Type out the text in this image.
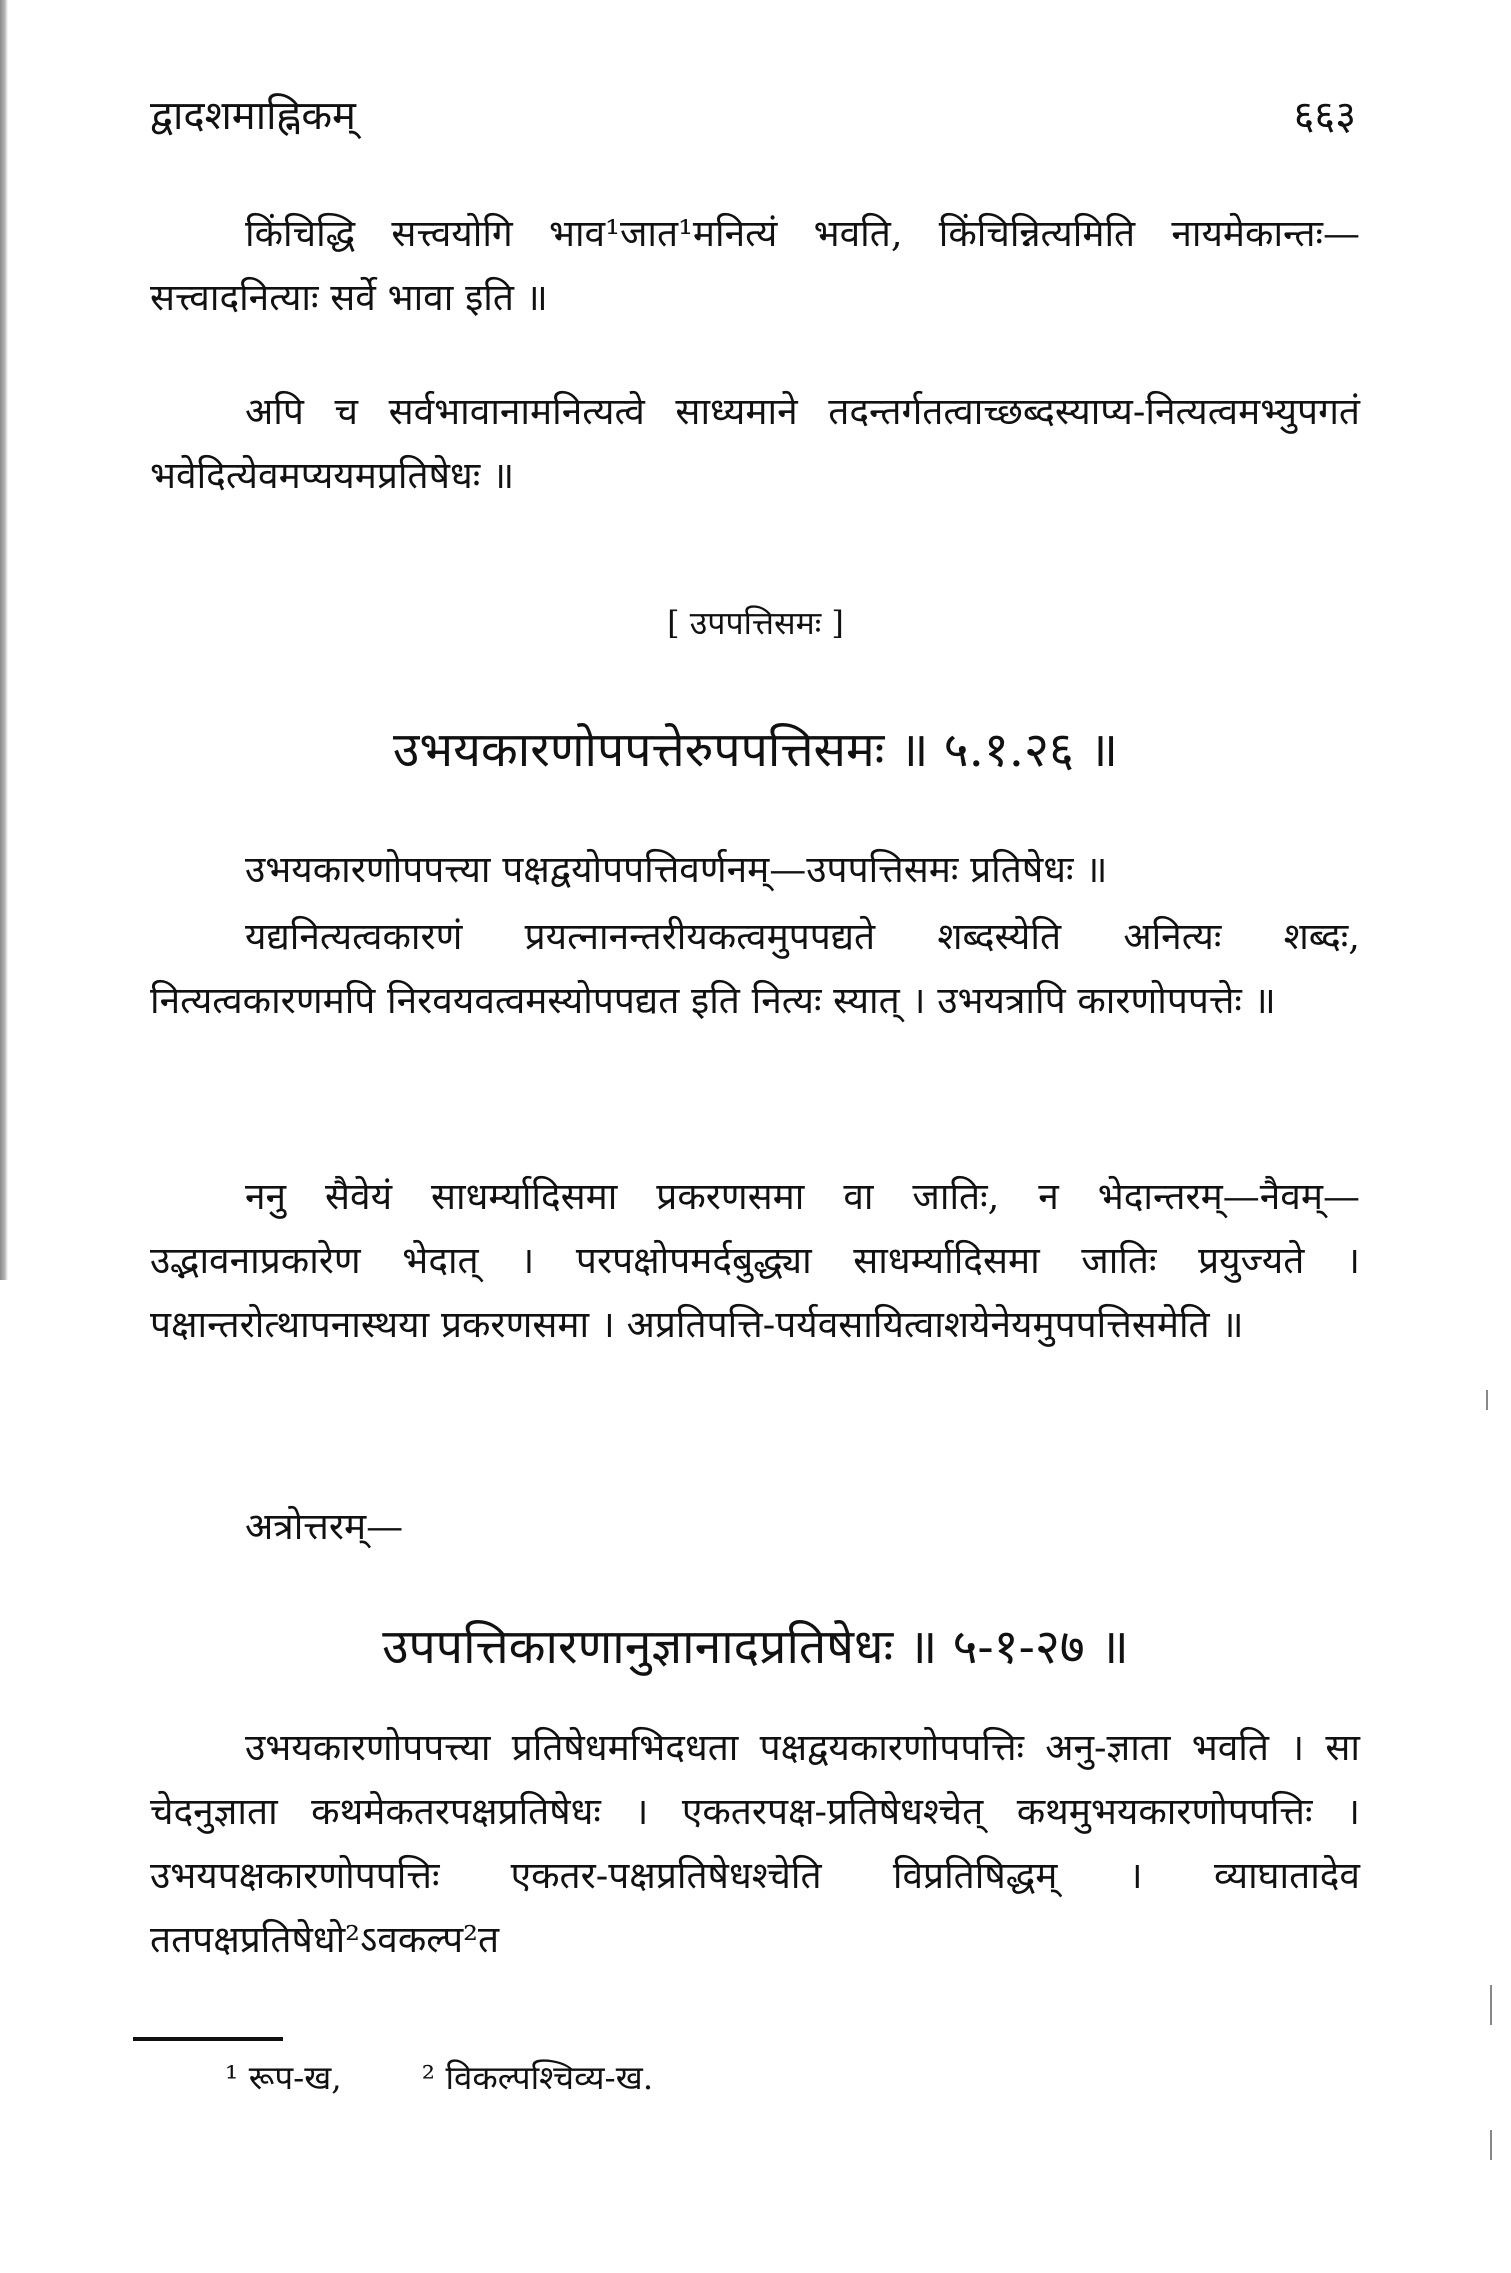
द्वादशमाह्निकम्	६६३
किंचिद्धि सत्त्वयोगि भाव¹जात¹मनित्यं भवति, किंचिन्नित्यमिति नायमेकान्तः—सत्त्वादनित्याः सर्वे भावा इति ॥
अपि च सर्वभावानामनित्यत्वे साध्यमाने तदन्तर्गतत्वाच्छब्दस्याप्य-नित्यत्वमभ्युपगतं भवेदित्येवमप्ययमप्रतिषेधः ॥
[ उपपत्तिसमः ]
उभयकारणोपपत्तेरुपपत्तिसमः ॥ ५.१.२६ ॥
उभयकारणोपपत्त्या पक्षद्वयोपपत्तिवर्णनम्—उपपत्तिसमः प्रतिषेधः ॥
यद्यनित्यत्वकारणं प्रयत्नानन्तरीयकत्वमुपपद्यते शब्दस्येति अनित्यः शब्दः, नित्यत्वकारणमपि निरवयवत्वमस्योपपद्यत इति नित्यः स्यात् । उभयत्रापि कारणोपपत्तेः ॥
ननु सैवेयं साधर्म्यादिसमा प्रकरणसमा वा जातिः, न भेदान्तरम्—नैवम्—उद्भावनाप्रकारेण भेदात् । परपक्षोपमर्दबुद्ध्या साधर्म्यादिसमा जातिः प्रयुज्यते । पक्षान्तरोत्थापनास्थया प्रकरणसमा । अप्रतिपत्ति-पर्यवसायित्वाशयेनेयमुपपत्तिसमेति ॥
अत्रोत्तरम्—
उपपत्तिकारणानुज्ञानादप्रतिषेधः ॥ ५-१-२७ ॥
उभयकारणोपपत्त्या प्रतिषेधमभिदधता पक्षद्वयकारणोपपत्तिः अनु-ज्ञाता भवति । सा चेदनुज्ञाता कथमेकतरपक्षप्रतिषेधः । एकतरपक्ष-प्रतिषेधश्चेत् कथमुभयकारणोपपत्तिः । उभयपक्षकारणोपपत्तिः एकतर-पक्षप्रतिषेधश्चेति विप्रतिषिद्धम् । व्याघातादेव ततपक्षप्रतिषेधो²ऽवकल्प²त
¹ रूप-ख, ² विकल्पश्चिव्य-ख.
